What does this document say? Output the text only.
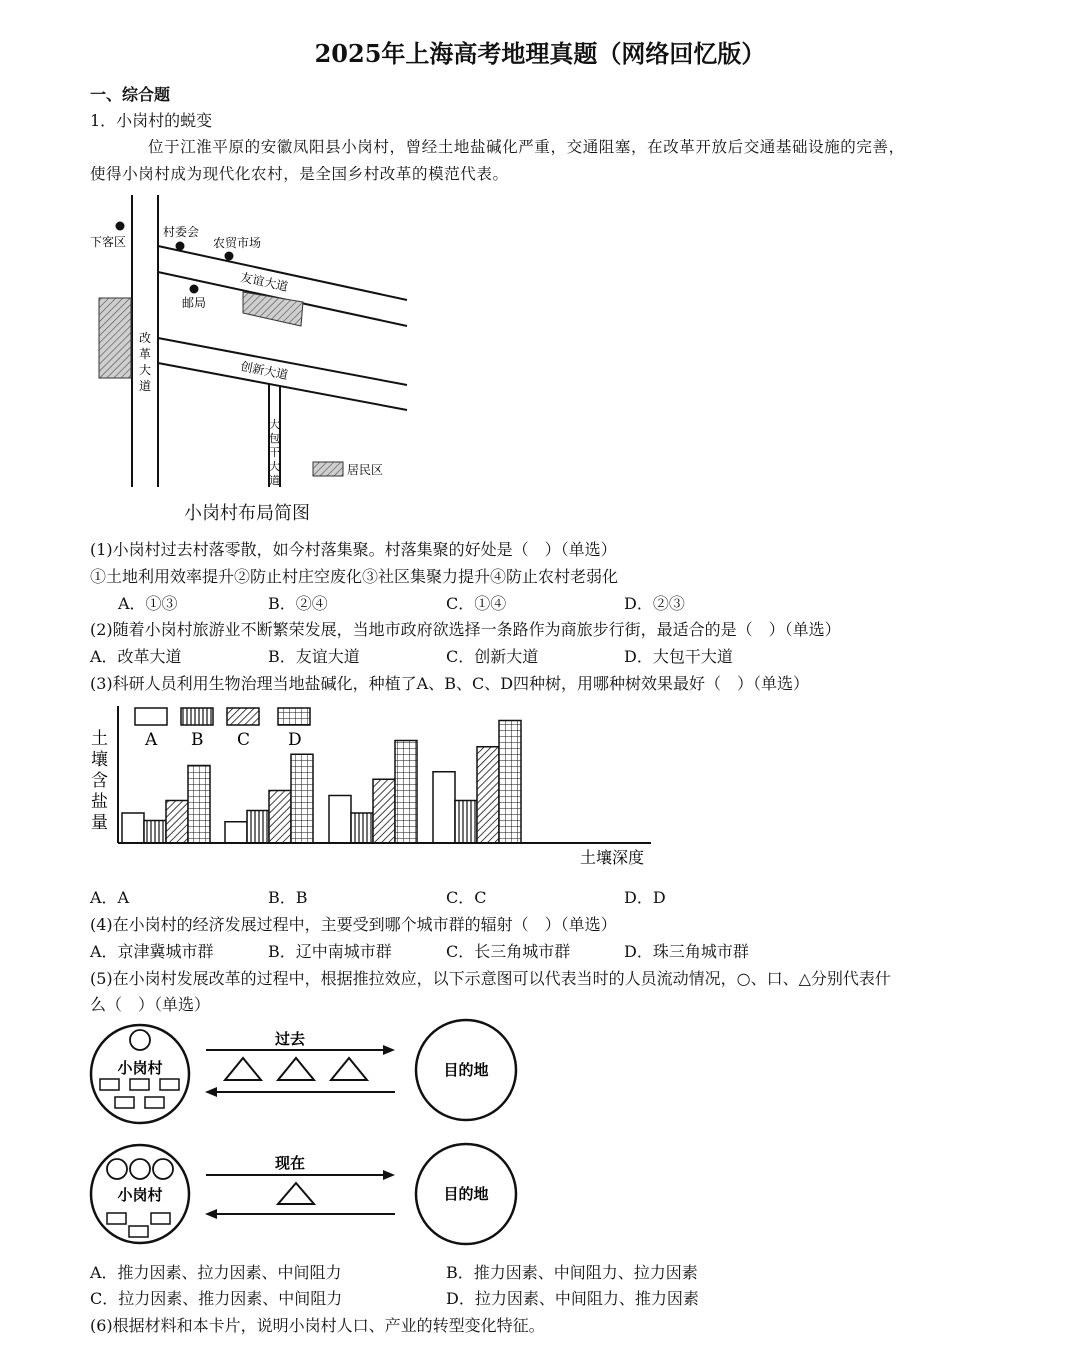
2025年上海高考地理真题（网络回忆版）
一、综合题
1．小岗村的蜕变
位于江淮平原的安徽凤阳县小岗村，曾经土地盐碱化严重，交通阻塞，在改革开放后交通基础设施的完善，
使得小岗村成为现代化农村，是全国乡村改革的模范代表。
下客区
村委会
农贸市场
邮局
友谊大道
创新大道
改
革
大
道
大
包
干
大
道
居民区
小岗村布局简图
(1)小岗村过去村落零散，如今村落集聚。村落集聚的好处是（　）（单选）
①土地利用效率提升②防止村庄空废化③社区集聚力提升④防止农村老弱化
A．①③	B．②④	C．①④	D．②③
(2)随着小岗村旅游业不断繁荣发展，当地市政府欲选择一条路作为商旅步行街，最适合的是（　）（单选）
A．改革大道	B．友谊大道	C．创新大道	D．大包干大道
(3)科研人员利用生物治理当地盐碱化，种植了A、B、C、D四种树，用哪种树效果最好（　）（单选）
A B C D
土
壤
含
盐
量
土壤深度
A．A	B．B	C．C	D．D
(4)在小岗村的经济发展过程中，主要受到哪个城市群的辐射（　）（单选）
A．京津冀城市群	B．辽中南城市群	C．长三角城市群	D．珠三角城市群
(5)在小岗村发展改革的过程中，根据推拉效应，以下示意图可以代表当时的人员流动情况，○、口、△分别代表什
么（　）（单选）
小岗村
过去
目的地
小岗村
现在
目的地
A．推力因素、拉力因素、中间阻力	B．推力因素、中间阻力、拉力因素
C．拉力因素、推力因素、中间阻力	D．拉力因素、中间阻力、推力因素
(6)根据材料和本卡片，说明小岗村人口、产业的转型变化特征。
